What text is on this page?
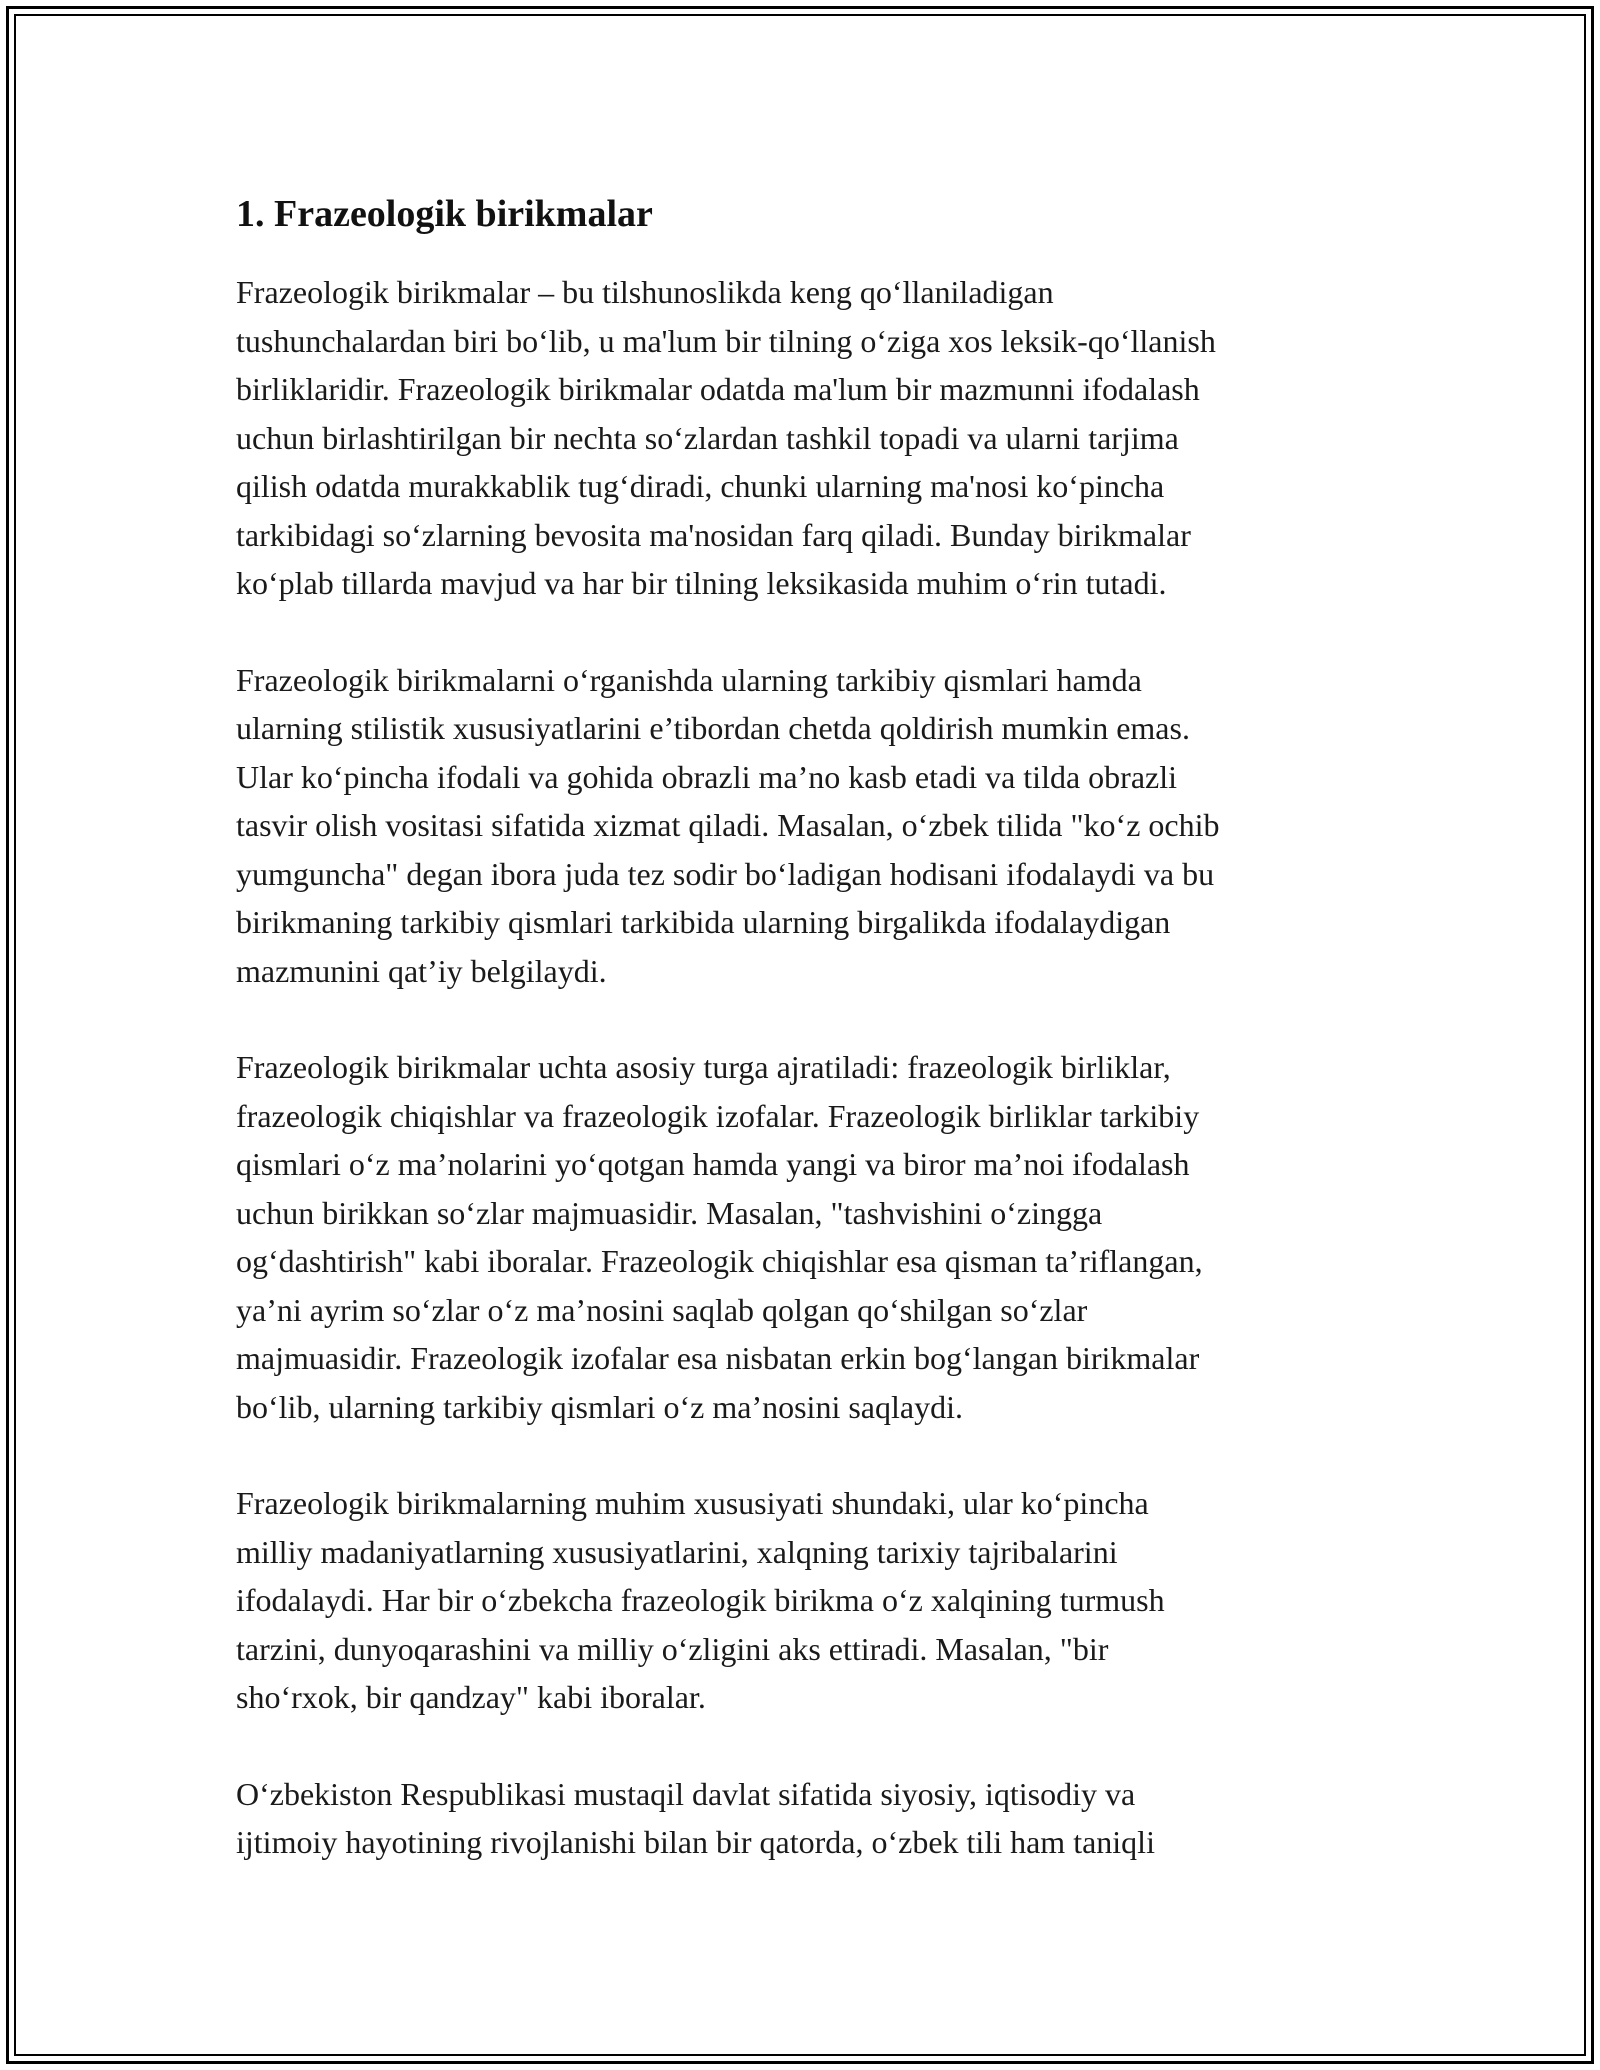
1. Frazeologik birikmalar

Frazeologik birikmalar – bu tilshunoslikda keng qo‘llaniladigan
tushunchalardan biri bo‘lib, u ma'lum bir tilning o‘ziga xos leksik-qo‘llanish
birliklaridir. Frazeologik birikmalar odatda ma'lum bir mazmunni ifodalash
uchun birlashtirilgan bir nechta so‘zlardan tashkil topadi va ularni tarjima
qilish odatda murakkablik tug‘diradi, chunki ularning ma'nosi ko‘pincha
tarkibidagi so‘zlarning bevosita ma'nosidan farq qiladi. Bunday birikmalar
ko‘plab tillarda mavjud va har bir tilning leksikasida muhim o‘rin tutadi.

Frazeologik birikmalarni o‘rganishda ularning tarkibiy qismlari hamda
ularning stilistik xususiyatlarini e’tibordan chetda qoldirish mumkin emas.
Ular ko‘pincha ifodali va gohida obrazli ma’no kasb etadi va tilda obrazli
tasvir olish vositasi sifatida xizmat qiladi. Masalan, o‘zbek tilida "ko‘z ochib
yumguncha" degan ibora juda tez sodir bo‘ladigan hodisani ifodalaydi va bu
birikmaning tarkibiy qismlari tarkibida ularning birgalikda ifodalaydigan
mazmunini qat’iy belgilaydi.

Frazeologik birikmalar uchta asosiy turga ajratiladi: frazeologik birliklar,
frazeologik chiqishlar va frazeologik izofalar. Frazeologik birliklar tarkibiy
qismlari o‘z ma’nolarini yo‘qotgan hamda yangi va biror ma’noi ifodalash
uchun birikkan so‘zlar majmuasidir. Masalan, "tashvishini o‘zingga
og‘dashtirish" kabi iboralar. Frazeologik chiqishlar esa qisman ta’riflangan,
ya’ni ayrim so‘zlar o‘z ma’nosini saqlab qolgan qo‘shilgan so‘zlar
majmuasidir. Frazeologik izofalar esa nisbatan erkin bog‘langan birikmalar
bo‘lib, ularning tarkibiy qismlari o‘z ma’nosini saqlaydi.

Frazeologik birikmalarning muhim xususiyati shundaki, ular ko‘pincha
milliy madaniyatlarning xususiyatlarini, xalqning tarixiy tajribalarini
ifodalaydi. Har bir o‘zbekcha frazeologik birikma o‘z xalqining turmush
tarzini, dunyoqarashini va milliy o‘zligini aks ettiradi. Masalan, "bir
sho‘rxok, bir qandzay" kabi iboralar.

O‘zbekiston Respublikasi mustaqil davlat sifatida siyosiy, iqtisodiy va
ijtimoiy hayotining rivojlanishi bilan bir qatorda, o‘zbek tili ham taniqli
